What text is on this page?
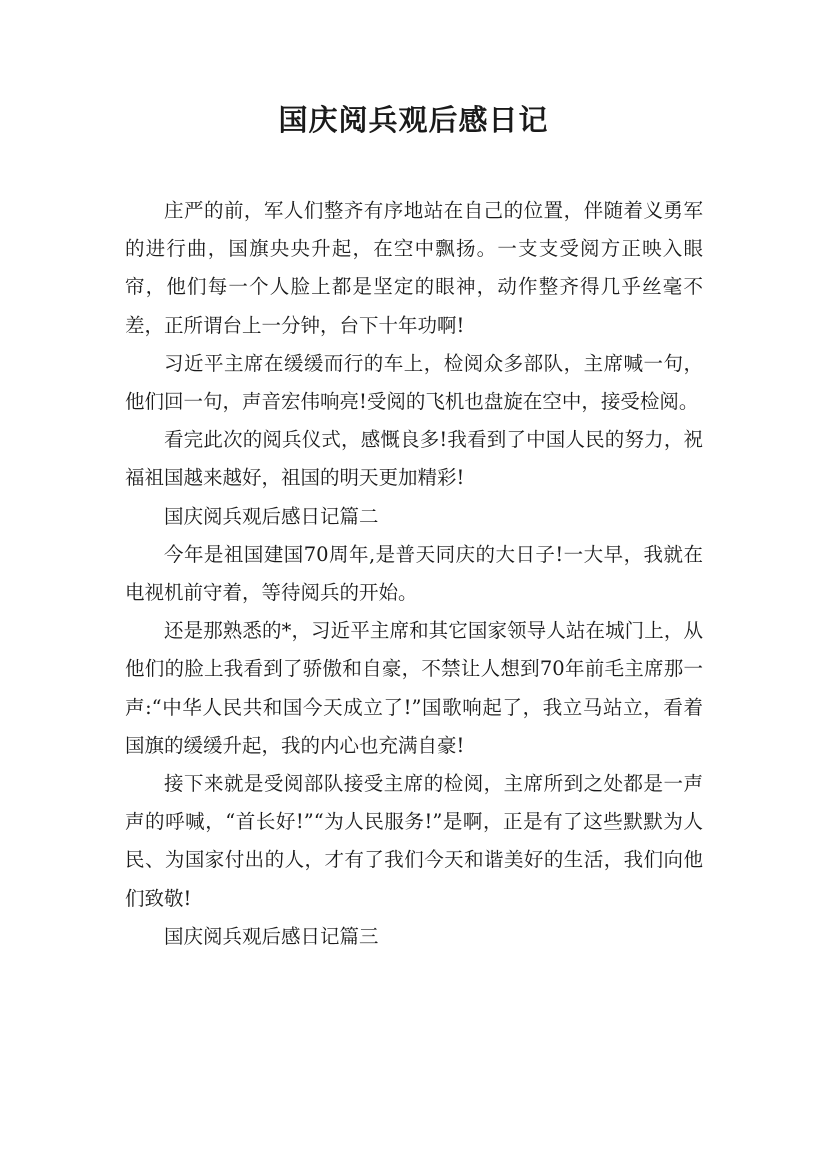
国庆阅兵观后感日记

庄严的前，军人们整齐有序地站在自己的位置，伴随着义勇军的进行曲，国旗央央升起，在空中飘扬。一支支受阅方正映入眼帘，他们每一个人脸上都是坚定的眼神，动作整齐得几乎丝毫不差，正所谓台上一分钟，台下十年功啊!

习近平主席在缓缓而行的车上，检阅众多部队，主席喊一句，他们回一句，声音宏伟响亮!受阅的飞机也盘旋在空中，接受检阅。

看完此次的阅兵仪式，感慨良多!我看到了中国人民的努力，祝福祖国越来越好，祖国的明天更加精彩!

国庆阅兵观后感日记篇二

今年是祖国建国70周年,是普天同庆的大日子!一大早，我就在电视机前守着，等待阅兵的开始。

还是那熟悉的*，习近平主席和其它国家领导人站在城门上，从他们的脸上我看到了骄傲和自豪，不禁让人想到70年前毛主席那一声:“中华人民共和国今天成立了!”国歌响起了，我立马站立，看着国旗的缓缓升起，我的内心也充满自豪!

接下来就是受阅部队接受主席的检阅，主席所到之处都是一声声的呼喊，“首长好!”“为人民服务!”是啊，正是有了这些默默为人民、为国家付出的人，才有了我们今天和谐美好的生活，我们向他们致敬!

国庆阅兵观后感日记篇三
